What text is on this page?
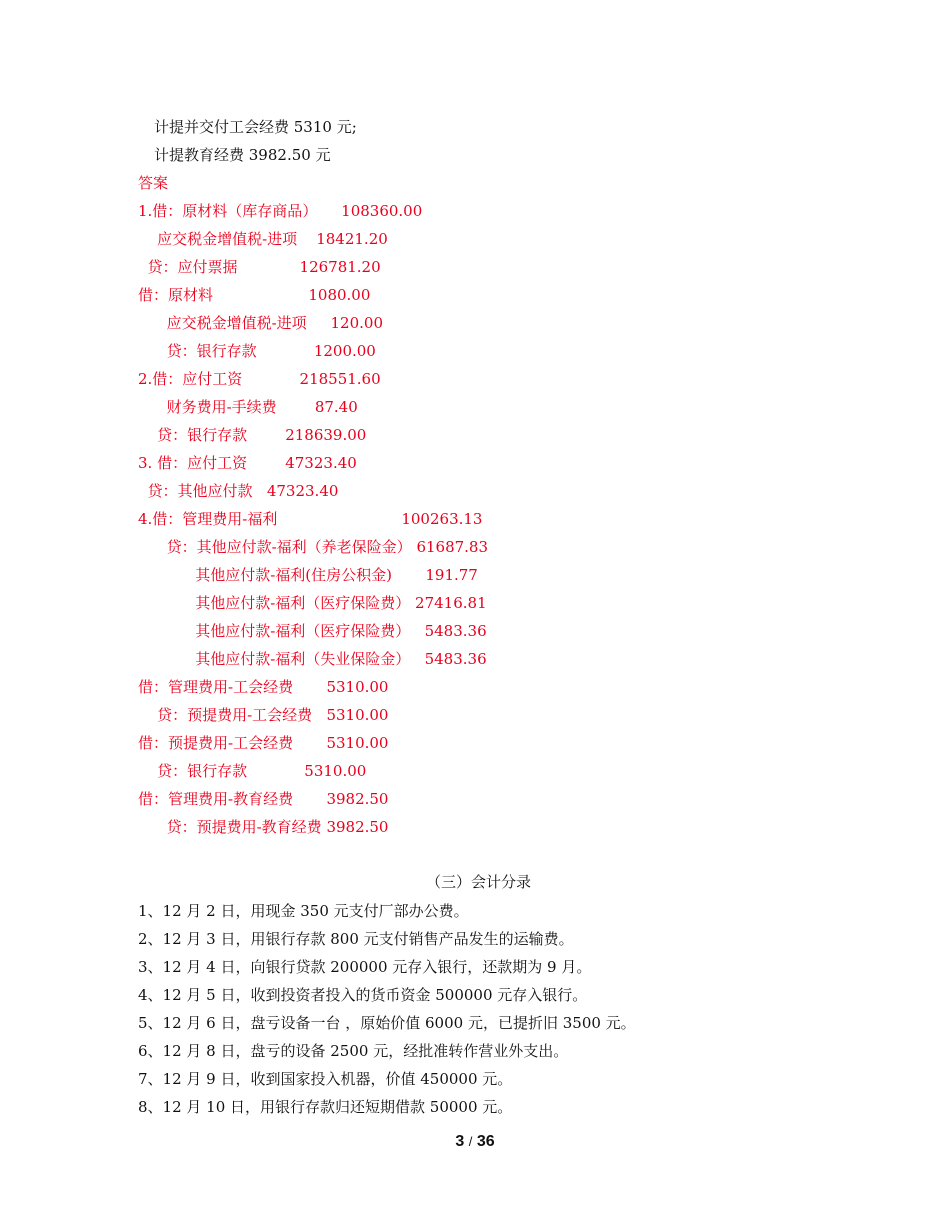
计提并交付工会经费 5310 元;
计提教育经费 3982.50 元
答案
1.借：原材料（库存商品）     108360.00
应交税金增值税-进项    18421.20
贷：应付票据             126781.20
借：原材料                    1080.00
应交税金增值税-进项     120.00
贷：银行存款            1200.00
2.借：应付工资            218551.60
财务费用-手续费        87.40
贷：银行存款        218639.00
3. 借：应付工资        47323.40
贷：其他应付款   47323.40
4.借：管理费用-福利                          100263.13
贷：其他应付款-福利（养老保险金） 61687.83
其他应付款-福利(住房公积金)       191.77
其他应付款-福利（医疗保险费） 27416.81
其他应付款-福利（医疗保险费）   5483.36
其他应付款-福利（失业保险金）   5483.36
借：管理费用-工会经费       5310.00
贷：预提费用-工会经费   5310.00
借：预提费用-工会经费       5310.00
贷：银行存款            5310.00
借：管理费用-教育经费       3982.50
贷：预提费用-教育经费 3982.50
（三）会计分录
1、12 月 2 日，用现金 350 元支付厂部办公费。
2、12 月 3 日，用银行存款 800 元支付销售产品发生的运输费。
3、12 月 4 日，向银行贷款 200000 元存入银行，还款期为 9 月。
4、12 月 5 日，收到投资者投入的货币资金 500000 元存入银行。
5、12 月 6 日，盘亏设备一台 ，原始价值 6000 元，已提折旧 3500 元。
6、12 月 8 日，盘亏的设备 2500 元，经批准转作营业外支出。
7、12 月 9 日，收到国家投入机器，价值 450000 元。
8、12 月 10 日，用银行存款归还短期借款 50000 元。
3 / 36
